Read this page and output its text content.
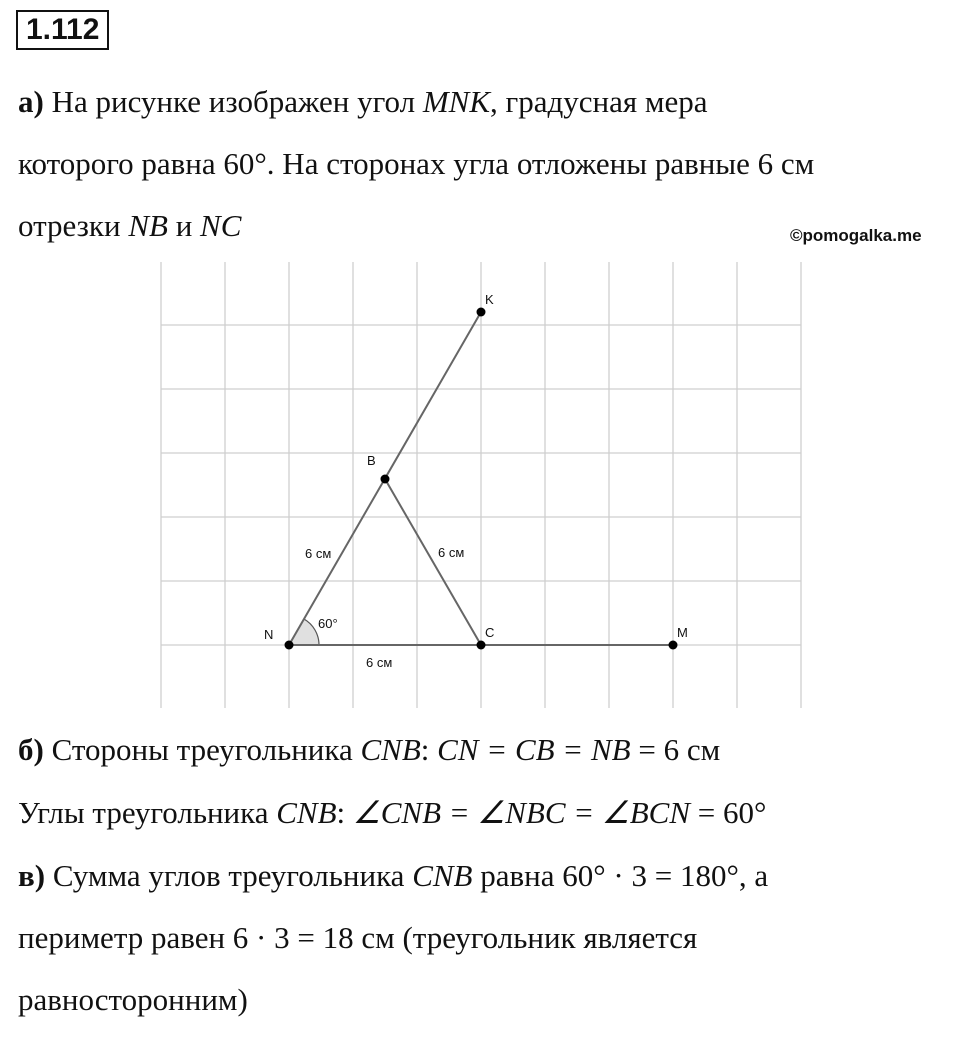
1.112
а) На рисунке изображен угол MNK, градусная мера
которого равна 60°. На сторонах угла отложены равные 6 см
отрезки NB и NC	©pomogalka.me
K
B
N	C	M
60°
6 см	6 см
6 см
б) Стороны треугольника CNB: CN = CB = NB = 6 см
Углы треугольника CNB: ∠CNB = ∠NBC = ∠BCN = 60°
в) Сумма углов треугольника CNB равна 60° · 3 = 180°, а
периметр равен 6 · 3 = 18 см (треугольник является
равносторонним)
